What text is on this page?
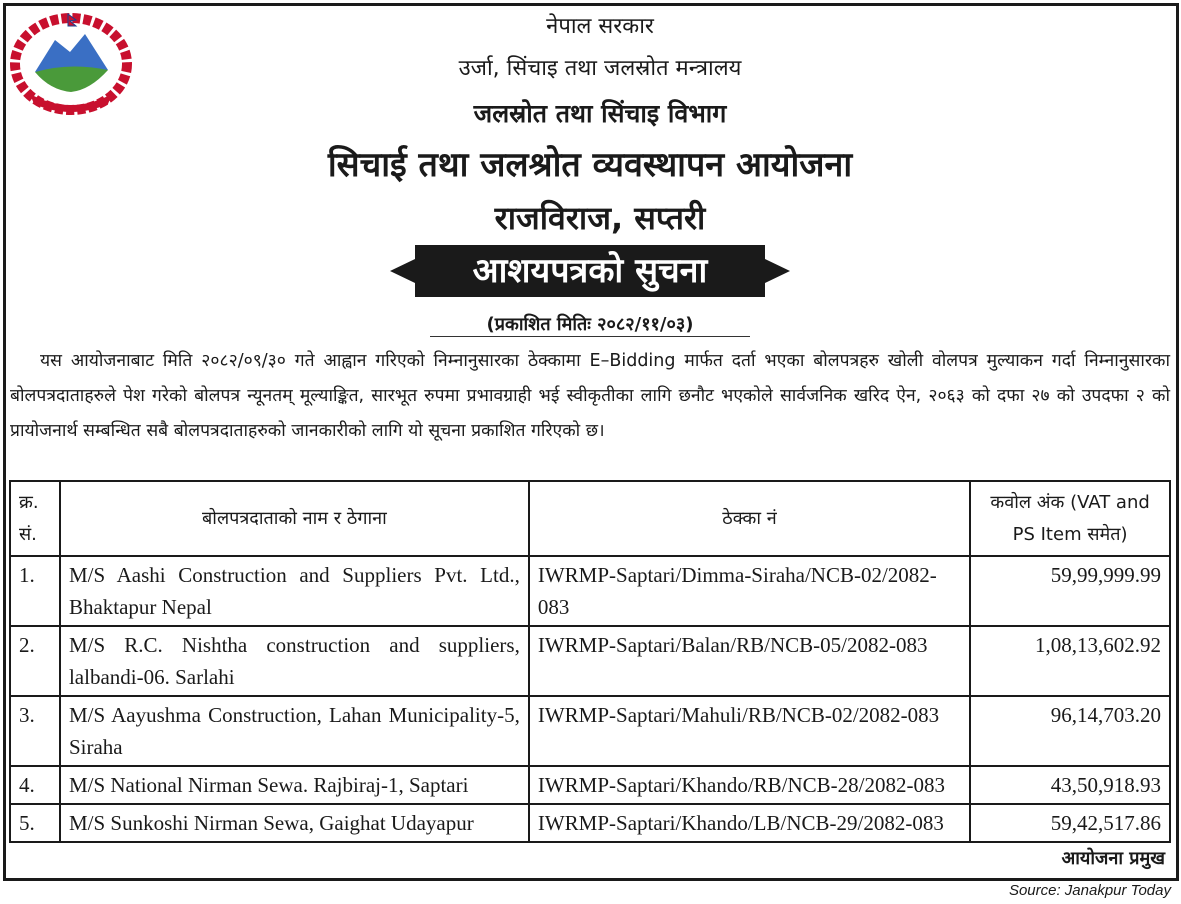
नेपाल सरकार
उर्जा, सिंचाइ तथा जलस्रोत मन्त्रालय
जलस्रोत तथा सिंचाइ विभाग
सिचाई तथा जलश्रोत व्यवस्थापन आयोजना
राजविराज, सप्तरी
आशयपत्रको सुचना
(प्रकाशित मितिः २०८२/११/०३)
यस आयोजनाबाट मिति २०८२/०९/३० गते आह्वान गरिएको निम्नानुसारका ठेक्कामा E–Bidding मार्फत दर्ता भएका बोलपत्रहरु खोली वोलपत्र मुल्याकन गर्दा निम्नानुसारका बोलपत्रदाताहरुले पेश गरेको बोलपत्र न्यूनतम् मूल्याङ्कित, सारभूत रुपमा प्रभावग्राही भई स्वीकृतीका लागि छनौट भएकोले सार्वजनिक खरिद ऐन, २०६३ को दफा २७ को उपदफा २ को प्रायोजनार्थ सम्बन्धित सबै बोलपत्रदाताहरुको जानकारीको लागि यो सूचना प्रकाशित गरिएको छ।
क्र. सं.	बोलपत्रदाताको नाम र ठेगाना	ठेक्का नं	कवोल अंक (VAT and PS Item समेत)
1.	M/S Aashi Construction and Suppliers Pvt. Ltd., Bhaktapur Nepal	IWRMP-Saptari/Dimma-Siraha/NCB-02/2082-083	59,99,999.99
2.	M/S R.C. Nishtha construction and suppliers, lalbandi-06. Sarlahi	IWRMP-Saptari/Balan/RB/NCB-05/2082-083	1,08,13,602.92
3.	M/S Aayushma Construction, Lahan Municipality-5, Siraha	IWRMP-Saptari/Mahuli/RB/NCB-02/2082-083	96,14,703.20
4.	M/S National Nirman Sewa. Rajbiraj-1, Saptari	IWRMP-Saptari/Khando/RB/NCB-28/2082-083	43,50,918.93
5.	M/S Sunkoshi Nirman Sewa, Gaighat Udayapur	IWRMP-Saptari/Khando/LB/NCB-29/2082-083	59,42,517.86
आयोजना प्रमुख
Source: Janakpur Today
